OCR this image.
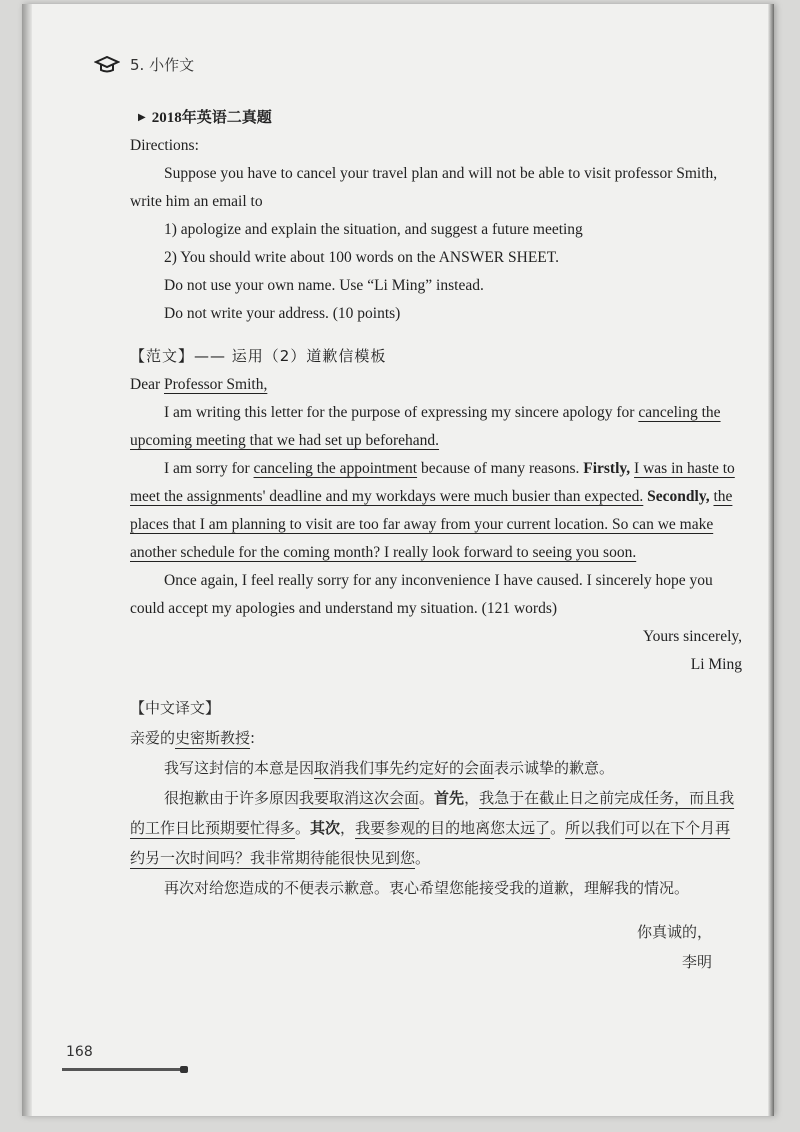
5. 小作文

▶ 2018年英语二真题

Directions:

Suppose you have to cancel your travel plan and will not be able to visit professor Smith, write him an email to

1) apologize and explain the situation, and suggest a future meeting

2) You should write about 100 words on the ANSWER SHEET.

Do not use your own name. Use “Li Ming” instead.

Do not write your address. (10 points)

【范文】—— 运用（2）道歉信模板

Dear Professor Smith,

I am writing this letter for the purpose of expressing my sincere apology for canceling the upcoming meeting that we had set up beforehand.

I am sorry for canceling the appointment because of many reasons. Firstly, I was in haste to meet the assignments' deadline and my workdays were much busier than expected. Secondly, the places that I am planning to visit are too far away from your current location. So can we make another schedule for the coming month? I really look forward to seeing you soon.

Once again, I feel really sorry for any inconvenience I have caused. I sincerely hope you could accept my apologies and understand my situation. (121 words)

Yours sincerely,

Li Ming

【中文译文】

亲爱的史密斯教授:

我写这封信的本意是因取消我们事先约定好的会面表示诚挚的歉意。

很抱歉由于许多原因我要取消这次会面。首先，我急于在截止日之前完成任务，而且我的工作日比预期要忙得多。其次，我要参观的目的地离您太远了。所以我们可以在下个月再约另一次时间吗？我非常期待能很快见到您。

再次对给您造成的不便表示歉意。衷心希望您能接受我的道歉，理解我的情况。

你真诚的，

李明

168
